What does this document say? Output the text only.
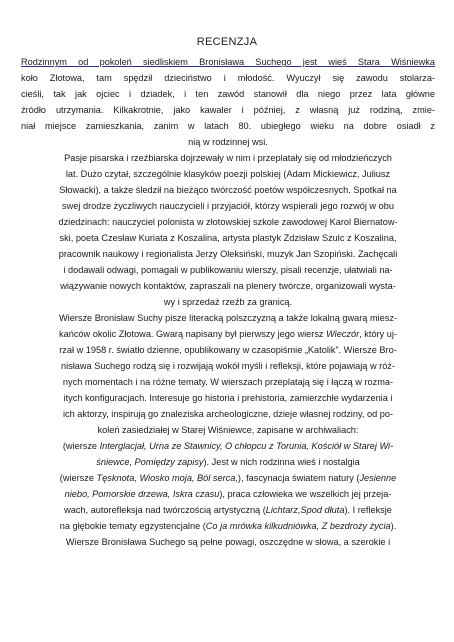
RECENZJA
Rodzinnym od pokoleń siedliskiem Bronisława Suchego jest wieś Stara Wiśniewka
koło Złotowa, tam spędził dzieciństwo i młodość. Wyuczył się zawodu stolarza-
cieśli, tak jak ojciec i dziadek, i ten zawód stanowił dla niego przez lata główne
źródło utrzymania. Kilkakrotnie, jako kawaler i później, z własną już rodziną, zmie-
niał miejsce zamieszkania, zanim w latach 80. ubiegłego wieku na dobre osiadł z
nią w rodzinnej wsi.
Pasje pisarska i rzeźbiarska dojrzewały w nim i przeplatały się od młodzieńczych
lat. Dużo czytał, szczególnie klasyków poezji polskiej (Adam Mickiewicz, Juliusz
Słowacki), a także śledził na bieżąco twórczość poetów współczesnych. Spotkał na
swej drodze życzliwych nauczycieli i przyjaciół, którzy wspierali jego rozwój w obu
dziedzinach: nauczyciel polonista w złotowskiej szkole zawodowej Karol Biernatow-
ski, poeta Czesław Kuriata z Koszalina, artysta plastyk Zdzisław Szulc z Koszalina,
pracownik naukowy i regionalista Jerzy Oleksiński, muzyk Jan Szopiński. Zachęcali
i dodawali odwagi, pomagali w publikowaniu wierszy, pisali recenzje, ułatwiali na-
wiązywanie nowych kontaktów, zapraszali na plenery twórcze, organizowali wysta-
wy i sprzedaż rzeźb za granicą.
Wiersze Bronisław Suchy pisze literacką polszczyzną a także lokalną gwarą miesz-
kańców okolic Złotowa. Gwarą napisany był pierwszy jego wiersz Wieczór, który uj-
rzał w 1958 r. światło dzienne, opublikowany w czasopiśmie „Katolik”. Wiersze Bro-
nisława Suchego rodzą się i rozwijają wokół myśli i refleksji, które pojawiają w róż-
nych momentach i na różne tematy. W wierszach przeplatają się i łączą w rozma-
itych konfiguracjach. Interesuje go historia i prehistoria, zamierzchłe wydarzenia i
ich aktorzy, inspirują go znaleziska archeologiczne, dzieje własnej rodziny, od po-
koleń zasiedziałej w Starej Wiśniewce, zapisane w archiwaliach:
(wiersze Interglacjał, Urna ze Stawnicy, O chłopcu z Torunia, Kościół w Starej Wi-
śniewce, Pomiędzy zapisy). Jest w nich rodzinna wieś i nostalgia
(wiersze Tęsknota, Wiosko moja, Ból serca,), fascynacja światem natury (Jesienne
niebo, Pomorskie drzewa, Iskra czasu), praca człowieka we wszelkich jej przeja-
wach, autorefleksja nad twórczością artystyczną (Lichtarz,Spod dłuta). I refleksje
na głębokie tematy egzystencjalne (Co ja mrówka kilkudniówka, Z bezdroży życia).
Wiersze Bronisława Suchego są pełne powagi, oszczędne w słowa, a szerokie i
